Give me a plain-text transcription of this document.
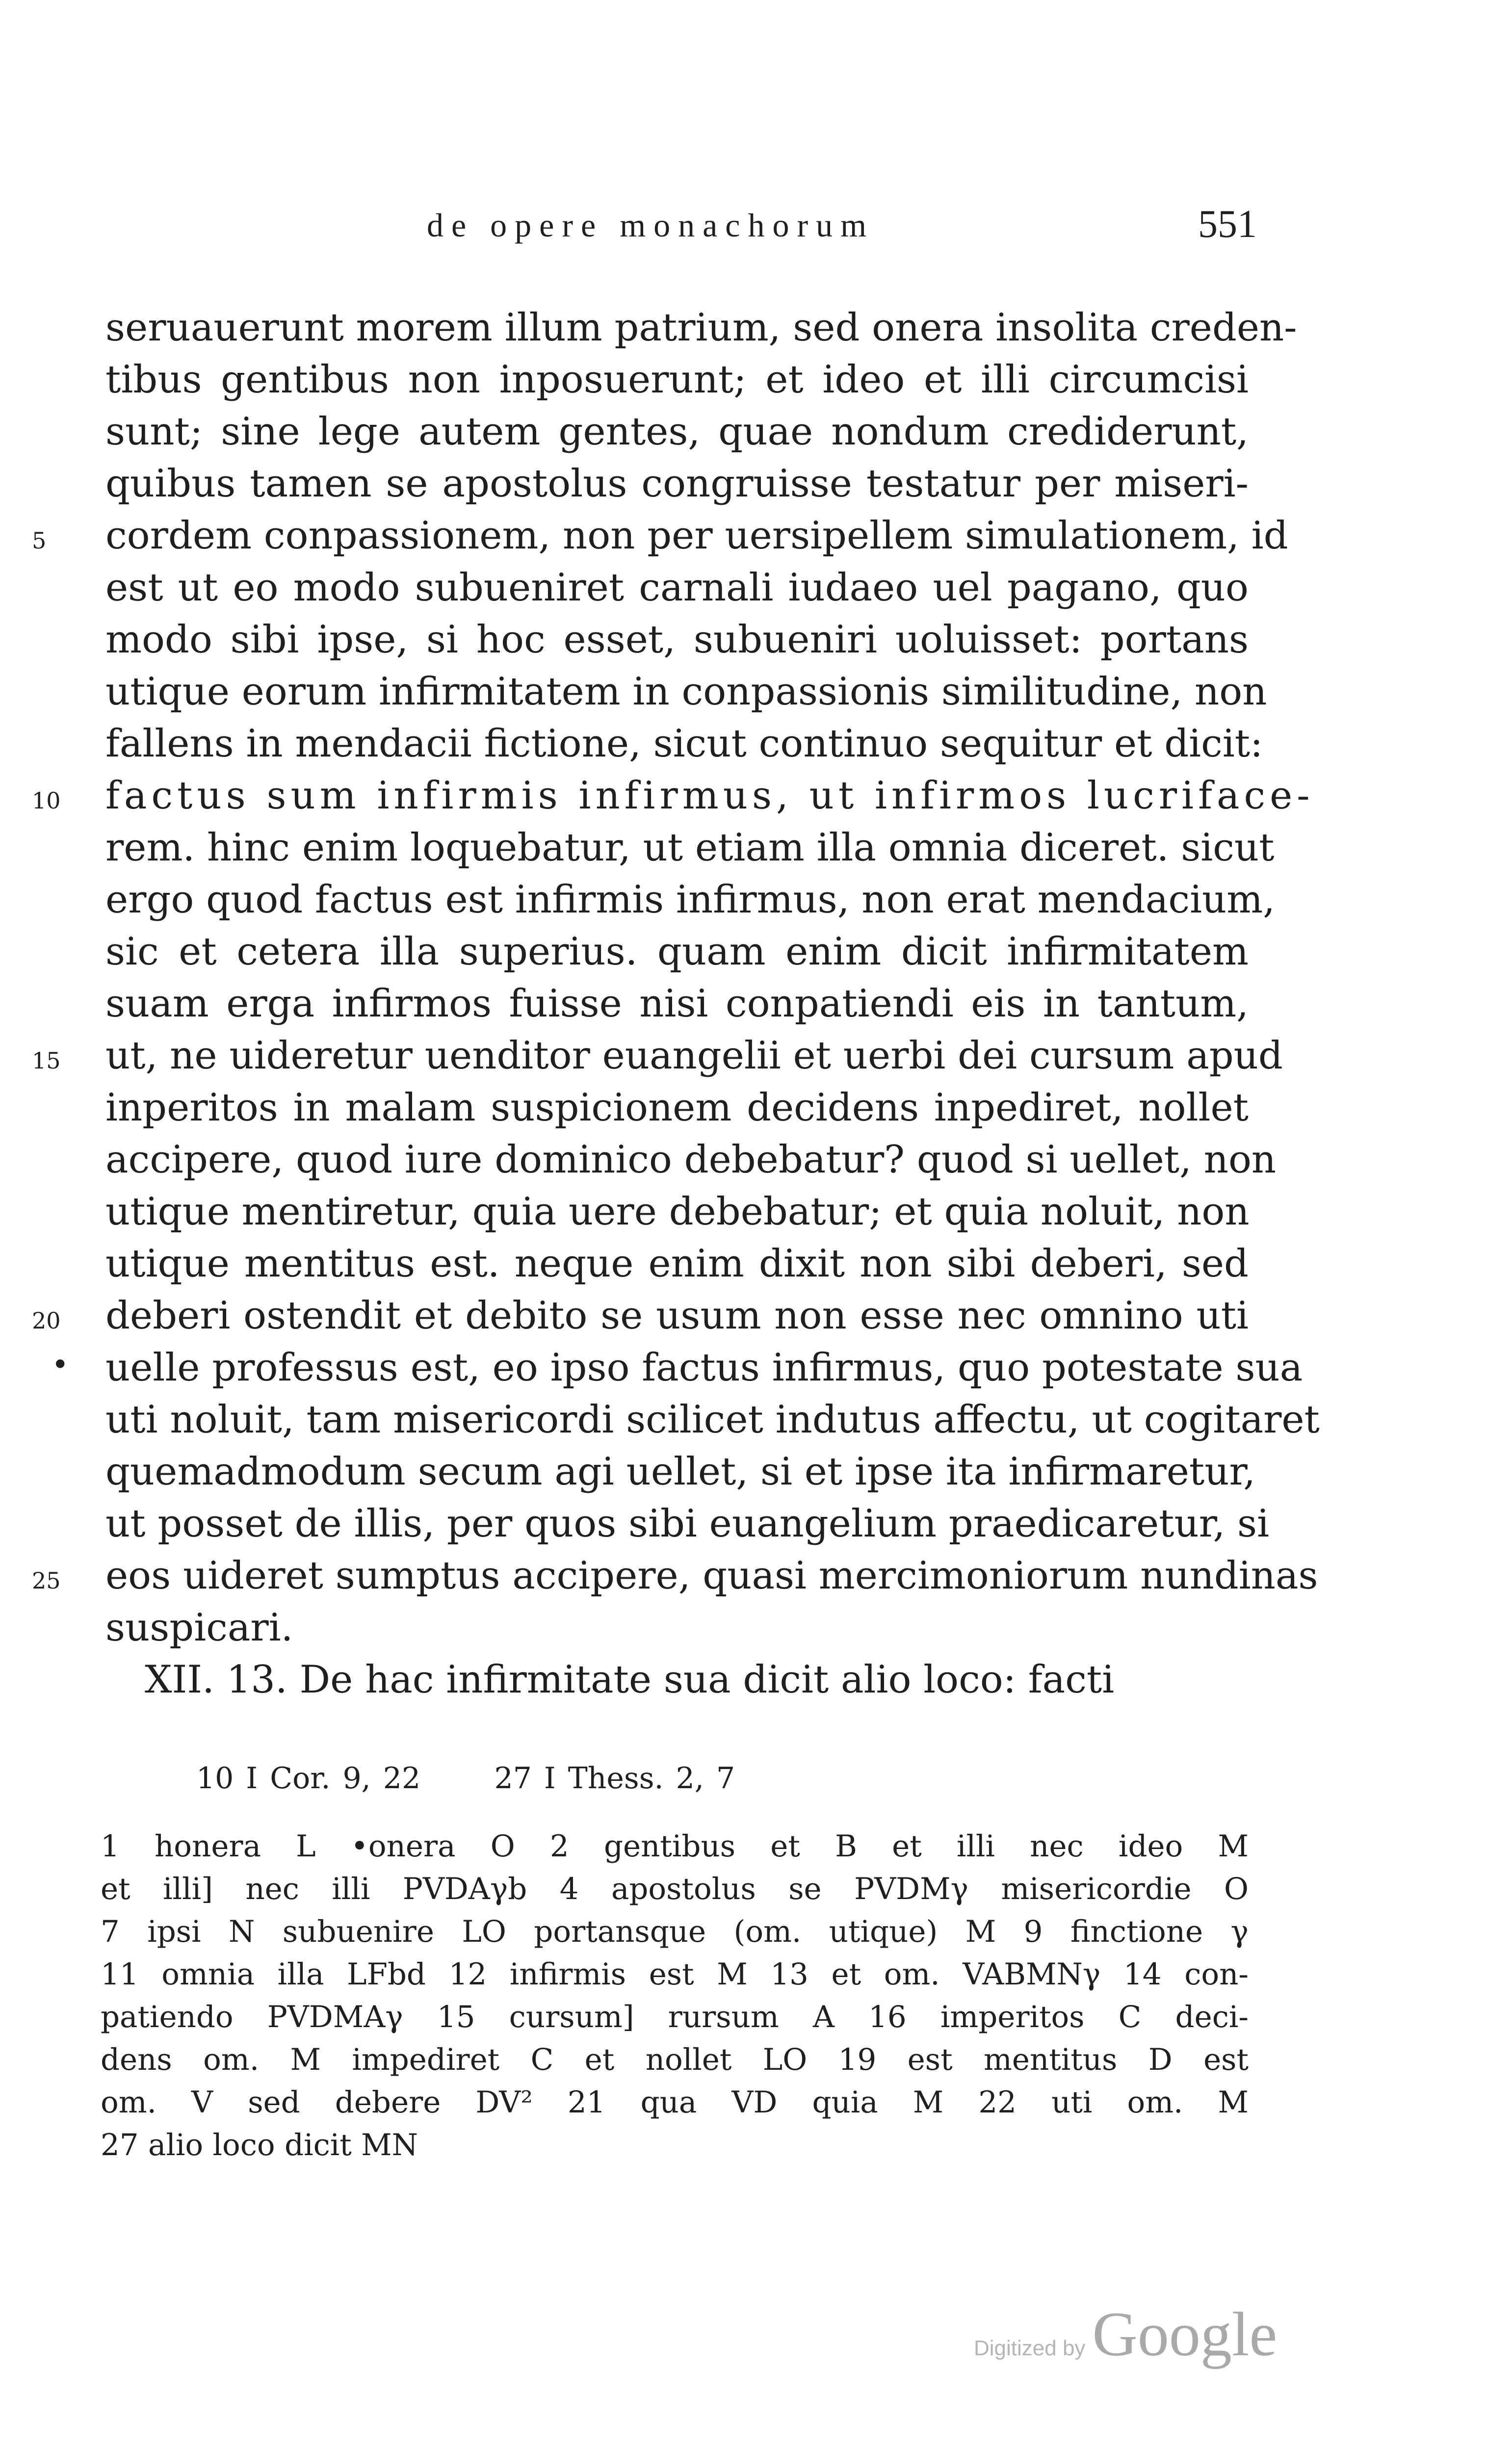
de opere monachorum	551
seruauerunt morem illum patrium, sed onera insolita creden-
tibus gentibus non inposuerunt; et ideo et illi circumcisi
sunt; sine lege autem gentes, quae nondum crediderunt,
quibus tamen se apostolus congruisse testatur per miseri-
5	cordem conpassionem, non per uersipellem simulationem, id
est ut eo modo subueniret carnali iudaeo uel pagano, quo
modo sibi ipse, si hoc esset, subueniri uoluisset: portans
utique eorum infirmitatem in conpassionis similitudine, non
fallens in mendacii fictione, sicut continuo sequitur et dicit:
10	factus sum infirmis infirmus, ut infirmos lucriface-
rem. hinc enim loquebatur, ut etiam illa omnia diceret. sicut
ergo quod factus est infirmis infirmus, non erat mendacium,
sic et cetera illa superius. quam enim dicit infirmitatem
suam erga infirmos fuisse nisi conpatiendi eis in tantum,
15	ut, ne uideretur uenditor euangelii et uerbi dei cursum apud
inperitos in malam suspicionem decidens inpediret, nollet
accipere, quod iure dominico debebatur? quod si uellet, non
utique mentiretur, quia uere debebatur; et quia noluit, non
utique mentitus est. neque enim dixit non sibi deberi, sed
20	deberi ostendit et debito se usum non esse nec omnino uti
• uelle professus est, eo ipso factus infirmus, quo potestate sua
uti noluit, tam misericordi scilicet indutus affectu, ut cogitaret
quemadmodum secum agi uellet, si et ipse ita infirmaretur,
ut posset de illis, per quos sibi euangelium praedicaretur, si
25	eos uideret sumptus accipere, quasi mercimoniorum nundinas
suspicari.
XII. 13. De hac infirmitate sua dicit alio loco: facti
10 I Cor. 9, 22      27 I Thess. 2, 7
1 honera L •onera O 2 gentibus et B et illi nec ideo M
et illi] nec illi PVDAγb 4 apostolus se PVDMγ misericordie O
7 ipsi N subuenire LO portansque (om. utique) M 9 finctione γ
11 omnia illa LFbd 12 infirmis est M 13 et om. VABMNγ 14 con-
patiendo PVDMAγ 15 cursum] rursum A 16 imperitos C deci-
dens om. M impediret C et nollet LO 19 est mentitus D est
om. V sed debere DV² 21 qua VD quia M 22 uti om. M
27 alio loco dicit MN
Digitized by Google
